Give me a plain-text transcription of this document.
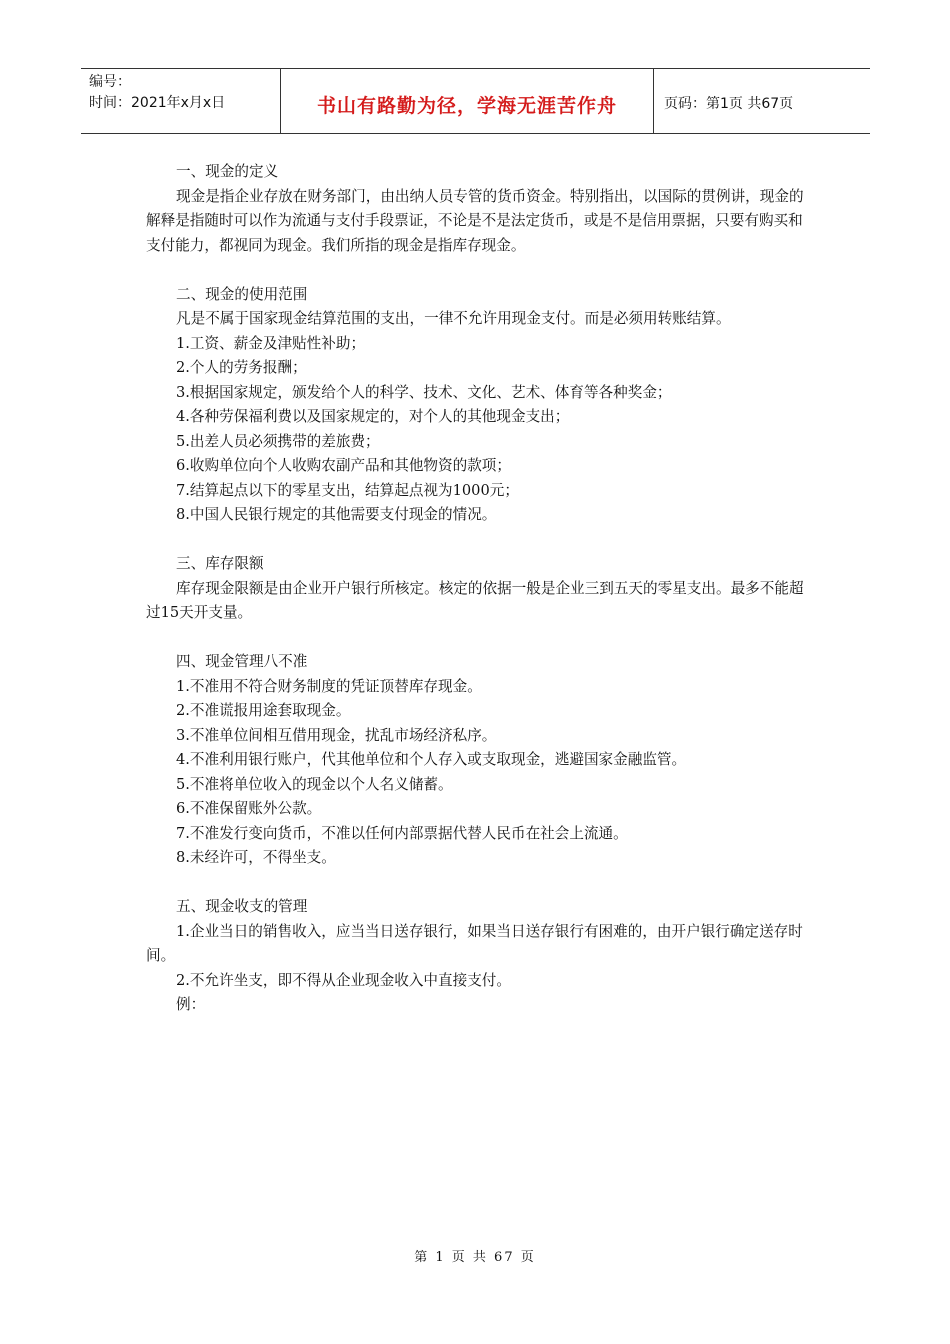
编号：
时间：2021年x月x日	书山有路勤为径，学海无涯苦作舟	页码：第1页 共67页

一、现金的定义

现金是指企业存放在财务部门，由出纳人员专管的货币资金。特别指出，以国际的贯例讲，现金的解释是指随时可以作为流通与支付手段票证，不论是不是法定货币，或是不是信用票据，只要有购买和支付能力，都视同为现金。我们所指的现金是指库存现金。

二、现金的使用范围

凡是不属于国家现金结算范围的支出，一律不允许用现金支付。而是必须用转账结算。

1.工资、薪金及津贴性补助；

2.个人的劳务报酬；

3.根据国家规定，颁发给个人的科学、技术、文化、艺术、体育等各种奖金；

4.各种劳保福利费以及国家规定的，对个人的其他现金支出；

5.出差人员必须携带的差旅费；

6.收购单位向个人收购农副产品和其他物资的款项；

7.结算起点以下的零星支出，结算起点视为1000元；

8.中国人民银行规定的其他需要支付现金的情况。

三、库存限额

库存现金限额是由企业开户银行所核定。核定的依据一般是企业三到五天的零星支出。最多不能超过15天开支量。

四、现金管理八不准

1.不准用不符合财务制度的凭证顶替库存现金。

2.不准谎报用途套取现金。

3.不准单位间相互借用现金，扰乱市场经济私序。

4.不准利用银行账户，代其他单位和个人存入或支取现金，逃避国家金融监管。

5.不准将单位收入的现金以个人名义储蓄。

6.不准保留账外公款。

7.不准发行变向货币，不准以任何内部票据代替人民币在社会上流通。

8.未经许可，不得坐支。

五、现金收支的管理

1.企业当日的销售收入，应当当日送存银行，如果当日送存银行有困难的，由开户银行确定送存时间。

2.不允许坐支，即不得从企业现金收入中直接支付。

例：

第 1 页 共 67 页
